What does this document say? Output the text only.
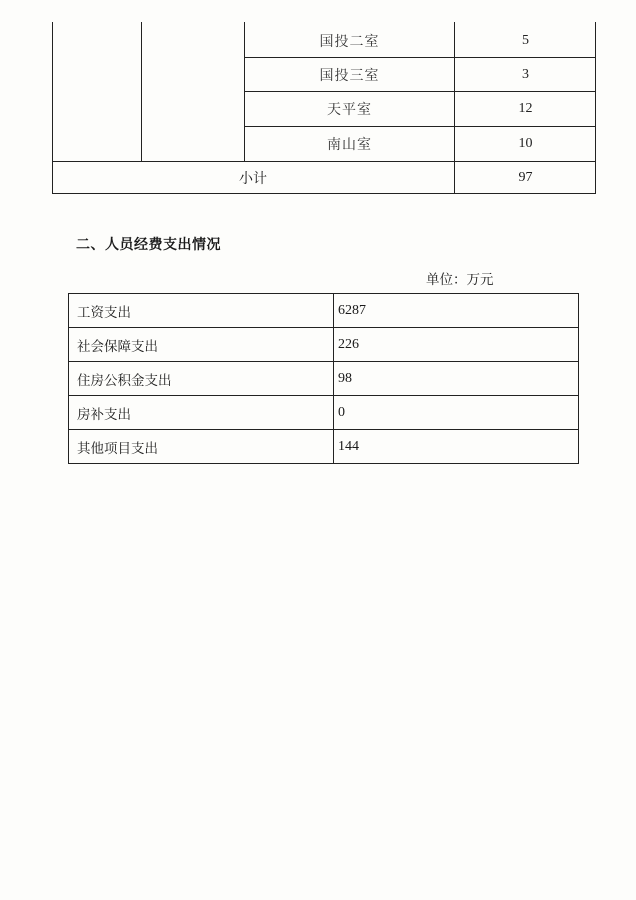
国投二室	5
国投三室	3
天平室	12
南山室	10
小计	97
二、人员经费支出情况
单位：万元
工资支出	6287
社会保障支出	226
住房公积金支出	98
房补支出	0
其他项目支出	144
